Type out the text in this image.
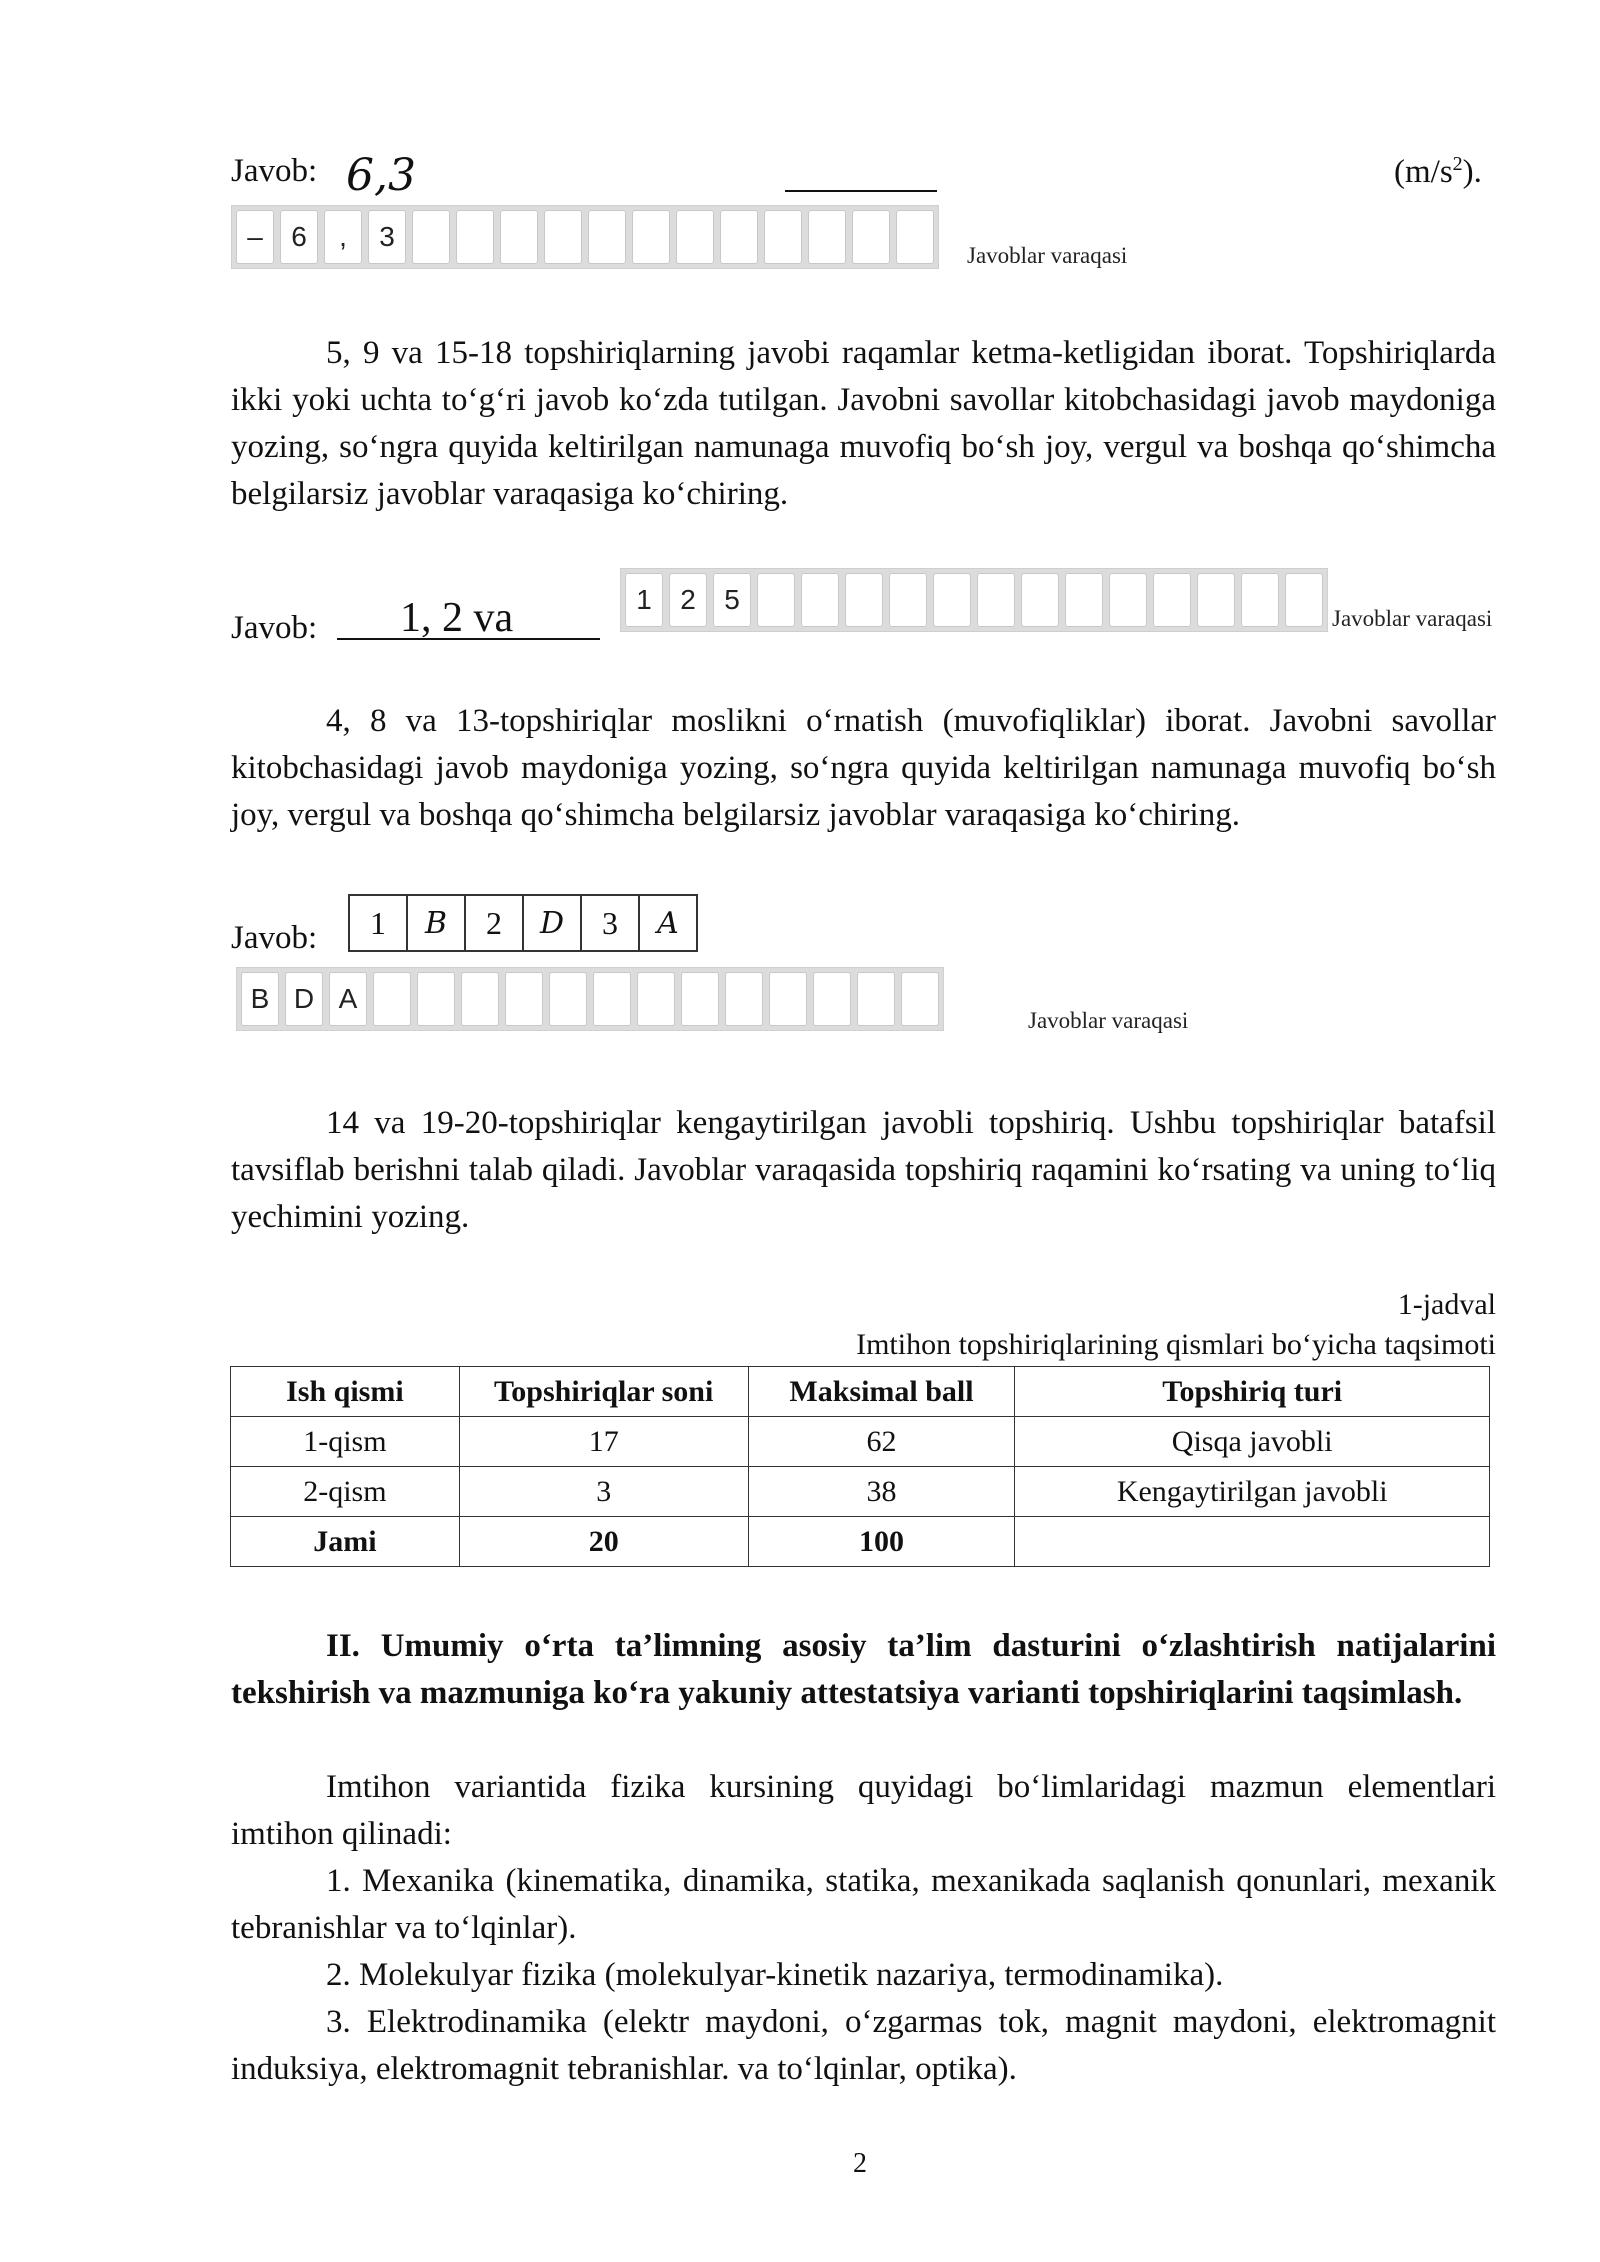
Javob: 6,3	$(m/s^2)$.
–	6	,	3
Javoblar varaqasi
5, 9 va 15-18 topshiriqlarning javobi raqamlar ketma-ketligidan iborat. Topshiriqlarda ikki yoki uchta to‘g‘ri javob ko‘zda tutilgan. Javobni savollar kitobchasidagi javob maydoniga yozing, so‘ngra quyida keltirilgan namunaga muvofiq bo‘sh joy, vergul va boshqa qo‘shimcha belgilarsiz javoblar varaqasiga ko‘chiring.
Javob: 1, 2 va	1	2	5
Javoblar varaqasi
4, 8 va 13-topshiriqlar moslikni o‘rnatish (muvofiqliklar) iborat. Javobni savollar kitobchasidagi javob maydoniga yozing, so‘ngra quyida keltirilgan namunaga muvofiq bo‘sh joy, vergul va boshqa qo‘shimcha belgilarsiz javoblar varaqasiga ko‘chiring.
Javob:	1	B	2	D	3	A
B D A
Javoblar varaqasi
14 va 19-20-topshiriqlar kengaytirilgan javobli topshiriq. Ushbu topshiriqlar batafsil tavsiflab berishni talab qiladi. Javoblar varaqasida topshiriq raqamini ko‘rsating va uning to‘liq yechimini yozing.
1-jadval
Imtihon topshiriqlarining qismlari bo‘yicha taqsimoti
Ish qismi	Topshiriqlar soni	Maksimal ball	Topshiriq turi
1-qism	17	62	Qisqa javobli
2-qism	3	38	Kengaytirilgan javobli
Jami	20	100	
II. Umumiy o‘rta ta’limning asosiy ta’lim dasturini o‘zlashtirish natijalarini tekshirish va mazmuniga ko‘ra yakuniy attestatsiya varianti topshiriqlarini taqsimlash.
Imtihon variantida fizika kursining quyidagi bo‘limlaridagi mazmun elementlari imtihon qilinadi:
1. Mexanika (kinematika, dinamika, statika, mexanikada saqlanish qonunlari, mexanik tebranishlar va to‘lqinlar).
2. Molekulyar fizika (molekulyar-kinetik nazariya, termodinamika).
3. Elektrodinamika (elektr maydoni, o‘zgarmas tok, magnit maydoni, elektromagnit induksiya, elektromagnit tebranishlar. va to‘lqinlar, optika).
2
